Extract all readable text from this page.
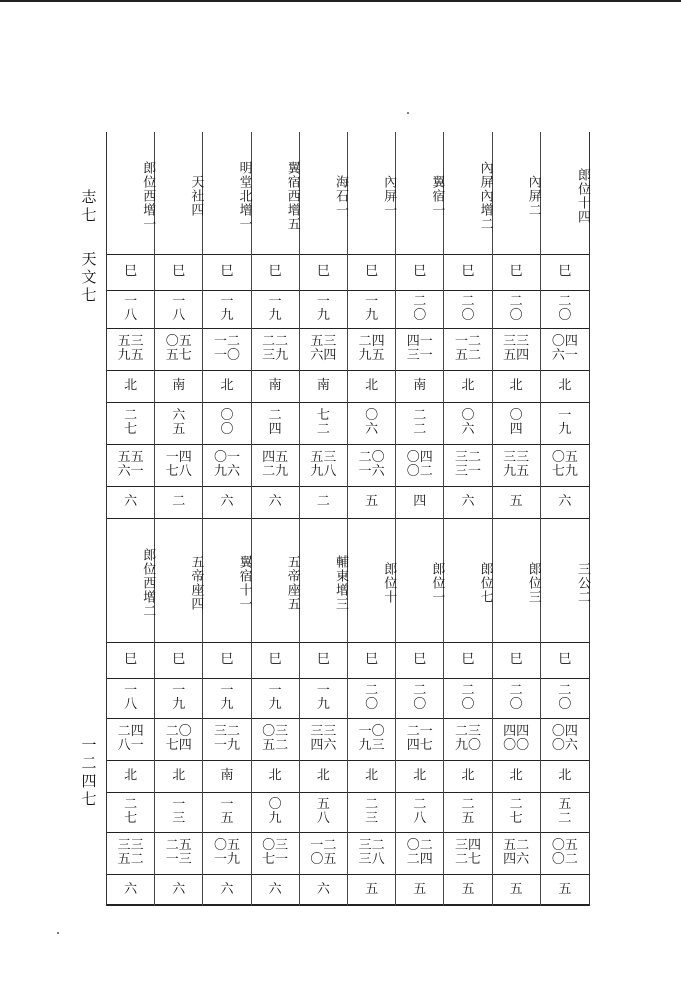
志
七
天
文
七
一
二
四
七
郎位西增一
巳
一
八
五三
九五
北
二
七
五五
六一
六
郎位西增二
巳
一
八
二四
八一
北
二
七
三三
五二
六
天社四
巳
一
八
〇五
五七
南
六
五
一四
七八
二
五帝座四
巳
一
九
二〇
七四
北
一
三
二五
一三
六
明堂北增一
巳
一
九
一二
一〇
北
〇
〇
〇一
九六
六
翼宿十一
巳
一
九
三二
一九
南
一
五
〇五
一九
六
翼宿西增五
巳
一
九
二二
三九
南
二
四
四五
二九
六
五帝座五
巳
一
九
〇三
五二
北
〇
九
〇三
七一
六
海石一
巳
一
九
五三
六四
南
七
二
五三
九八
二
輔東增三
巳
一
九
三三
四六
北
五
八
一二
〇五
六
內屏一
巳
一
九
二四
九五
北
〇
六
二〇
一六
五
郎位十
巳
二
〇
一〇
九三
北
二
三
三二
三八
五
翼宿一
巳
二
〇
四一
三一
南
二
二
〇四
〇二
四
郎位一
巳
二
〇
二一
四七
北
二
八
〇二
二四
五
內屏內增二
巳
二
〇
一二
五二
北
〇
六
三二
三一
六
郎位七
巳
二
〇
二三
九〇
北
二
五
三四
二七
五
內屏二
巳
二
〇
三三
五四
北
〇
四
三三
九五
五
郎位三
巳
二
〇
四四
〇〇
北
二
七
五二
四六
五
郎位十四
巳
二
〇
〇四
六一
北
一
九
〇五
七九
六
三公二
巳
二
〇
〇四
〇六
北
五
二
〇五
〇二
五
